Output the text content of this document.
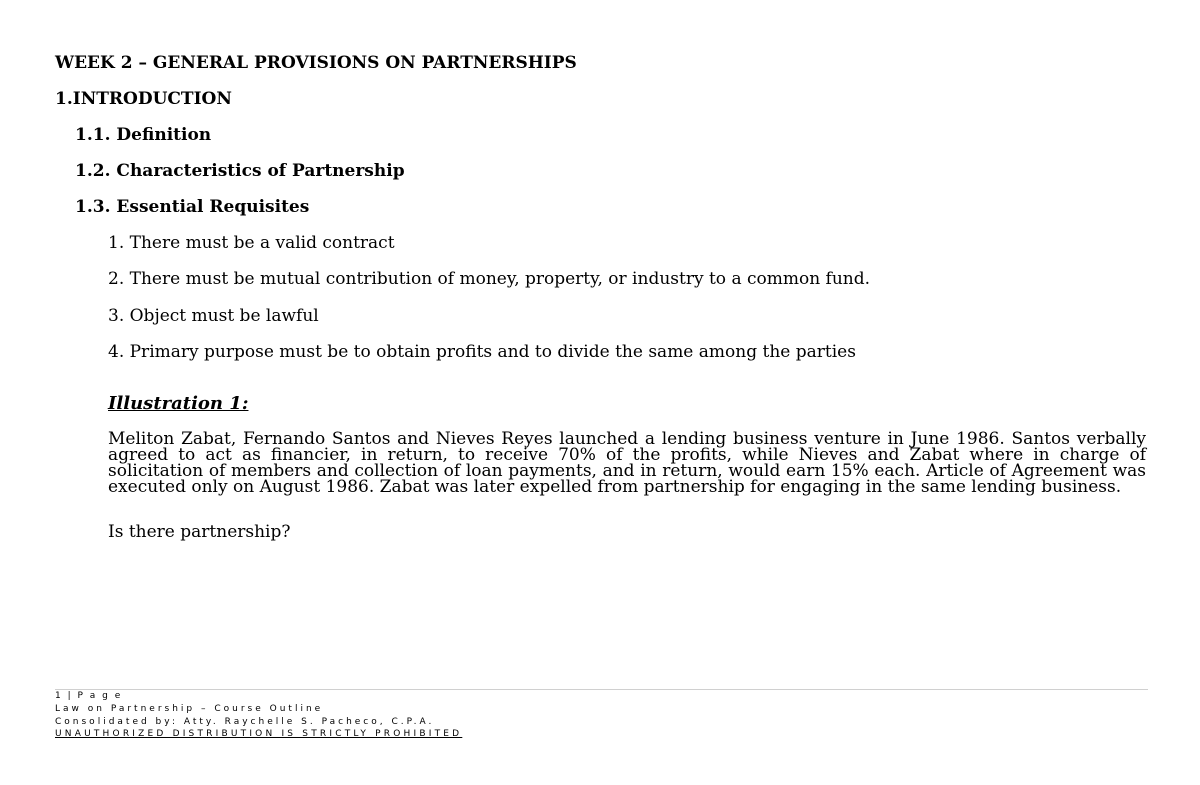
WEEK 2 – GENERAL PROVISIONS ON PARTNERSHIPS
1.INTRODUCTION
1.1. Definition
1.2. Characteristics of Partnership
1.3. Essential Requisites
1. There must be a valid contract
2. There must be mutual contribution of money, property, or industry to a common fund.
3. Object must be lawful
4. Primary purpose must be to obtain profits and to divide the same among the parties
Illustration 1:
Meliton Zabat, Fernando Santos and Nieves Reyes launched a lending business venture in June 1986. Santos verbally agreed to act as financier, in return, to receive 70% of the profits, while Nieves and Zabat where in charge of solicitation of members and collection of loan payments, and in return, would earn 15% each. Article of Agreement was executed only on August 1986. Zabat was later expelled from partnership for engaging in the same lending business.
Is there partnership?
1 | P a g e
Law on Partnership – Course Outline
Consolidated by: Atty. Raychelle S. Pacheco, C.P.A.
UNAUTHORIZED DISTRIBUTION IS STRICTLY PROHIBITED
